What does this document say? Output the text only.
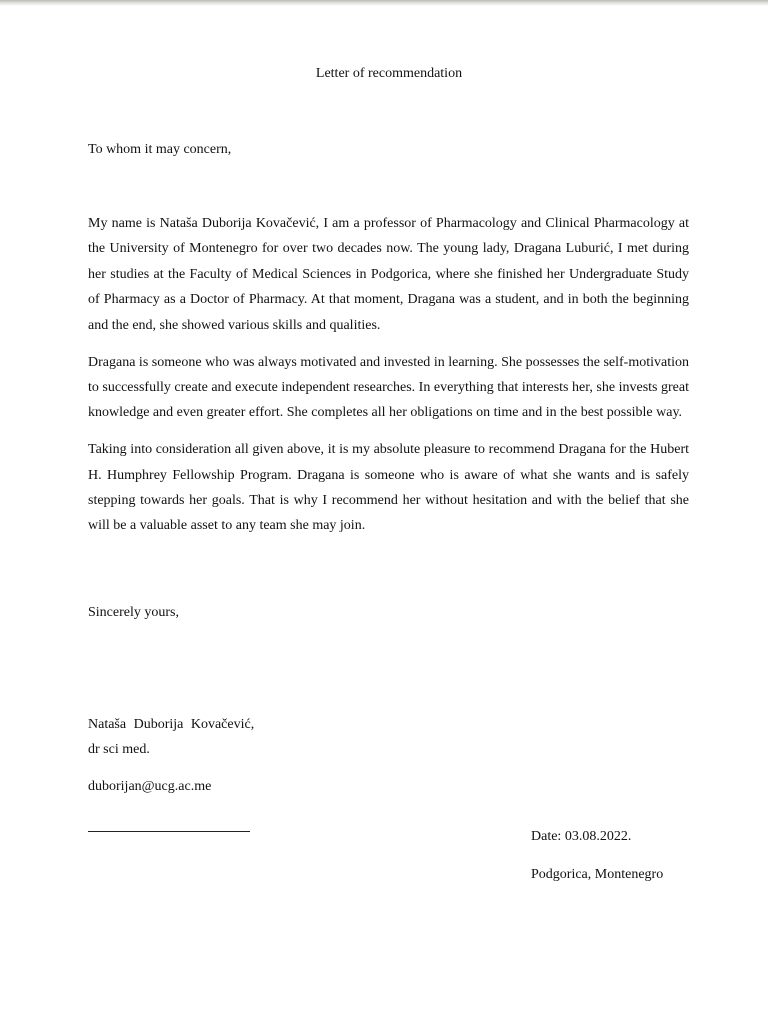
Letter of recommendation
To whom it may concern,

My name is Nataša Duborija Kovačević, I am a professor of Pharmacology and Clinical Pharmacology at the University of Montenegro for over two decades now. The young lady, Dragana Luburić, I met during her studies at the Faculty of Medical Sciences in Podgorica, where she finished her Undergraduate Study of Pharmacy as a Doctor of Pharmacy. At that moment, Dragana was a student, and in both the beginning and the end, she showed various skills and qualities.

Dragana is someone who was always motivated and invested in learning. She possesses the self-motivation to successfully create and execute independent researches. In everything that interests her, she invests great knowledge and even greater effort. She completes all her obligations on time and in the best possible way.

Taking into consideration all given above, it is my absolute pleasure to recommend Dragana for the Hubert H. Humphrey Fellowship Program. Dragana is someone who is aware of what she wants and is safely stepping towards her goals. That is why I recommend her without hesitation and with the belief that she will be a valuable asset to any team she may join.

Sincerely yours,
Nataša Duborija Kovačević,
dr sci med.
duborijan@ucg.ac.me
Date: 03.08.2022.
Podgorica, Montenegro
